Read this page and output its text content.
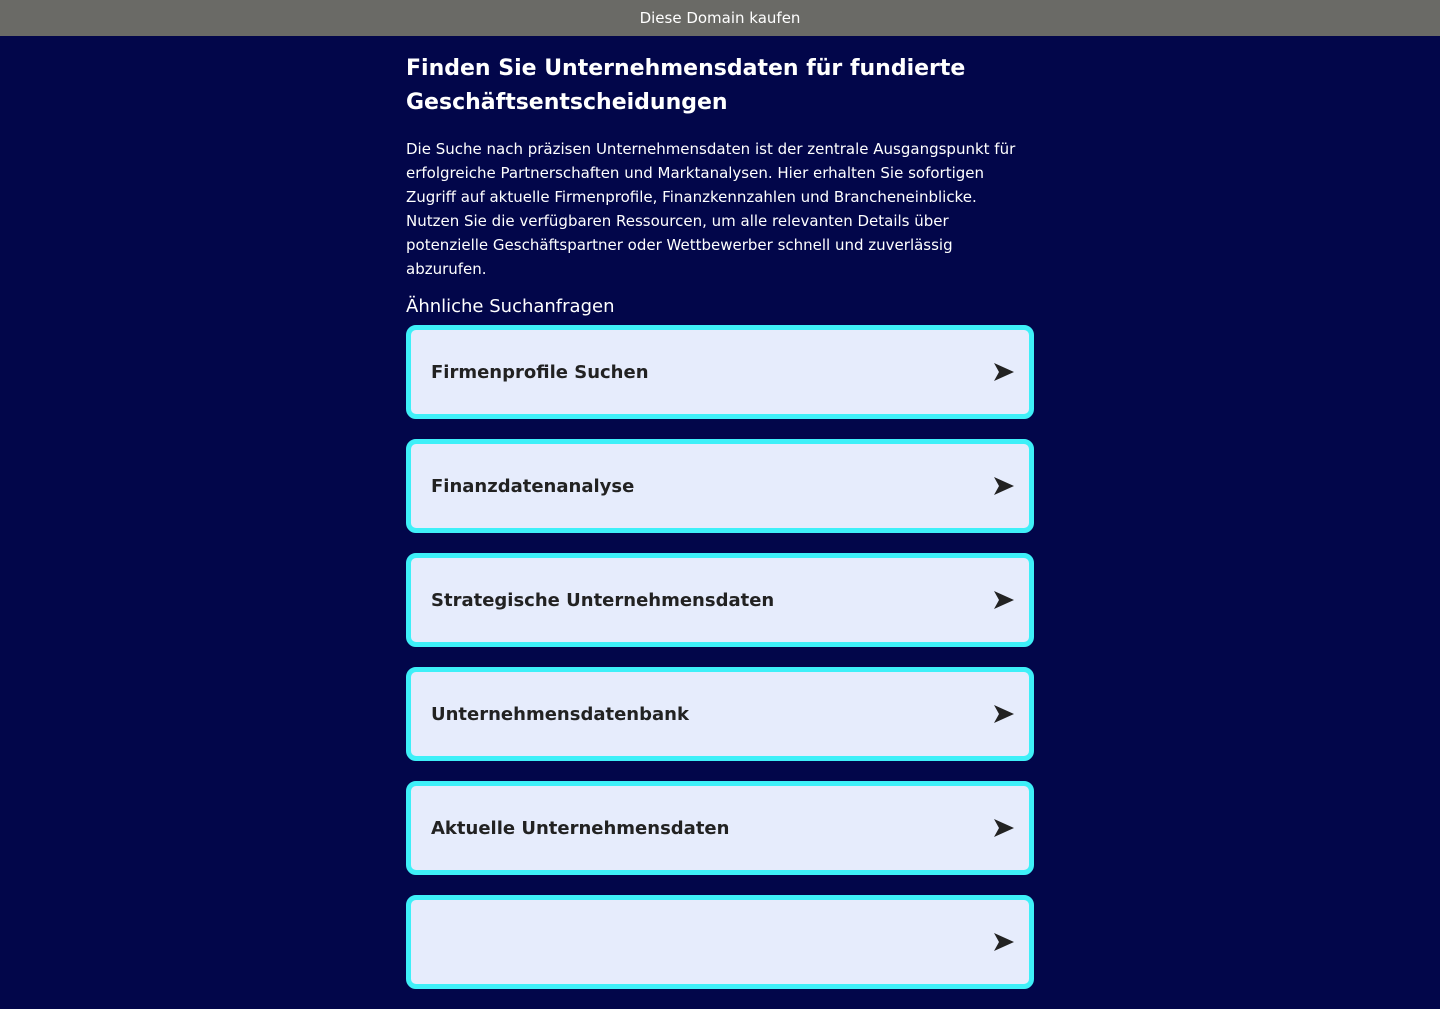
Diese Domain kaufen
Finden Sie Unternehmensdaten für fundierte Geschäftsentscheidungen

Die Suche nach präzisen Unternehmensdaten ist der zentrale Ausgangspunkt für erfolgreiche Partnerschaften und Marktanalysen. Hier erhalten Sie sofortigen Zugriff auf aktuelle Firmenprofile, Finanzkennzahlen und Brancheneinblicke. Nutzen Sie die verfügbaren Ressourcen, um alle relevanten Details über potenzielle Geschäftspartner oder Wettbewerber schnell und zuverlässig abzurufen.

Ähnliche Suchanfragen
Firmenprofile Suchen
Finanzdatenanalyse
Strategische Unternehmensdaten
Unternehmensdatenbank
Aktuelle Unternehmensdaten
